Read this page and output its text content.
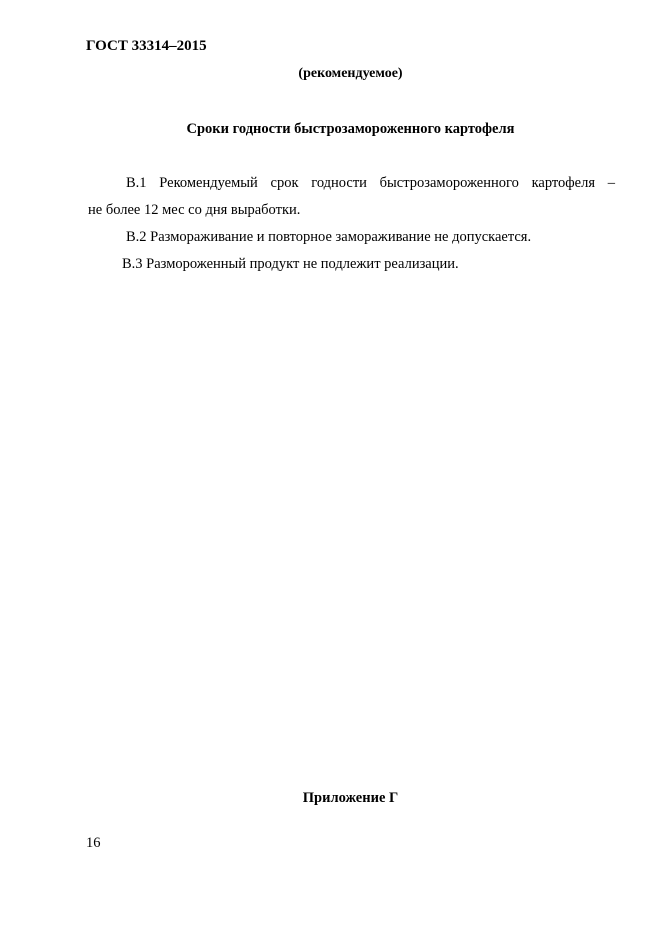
ГОСТ 33314–2015
(рекомендуемое)
Сроки годности быстрозамороженного картофеля
В.1 Рекомендуемый срок годности быстрозамороженного картофеля –
не более 12 мес со дня выработки.
В.2 Размораживание и повторное замораживание не допускается.
В.3 Размороженный продукт не подлежит реализации.
Приложение Г
16
